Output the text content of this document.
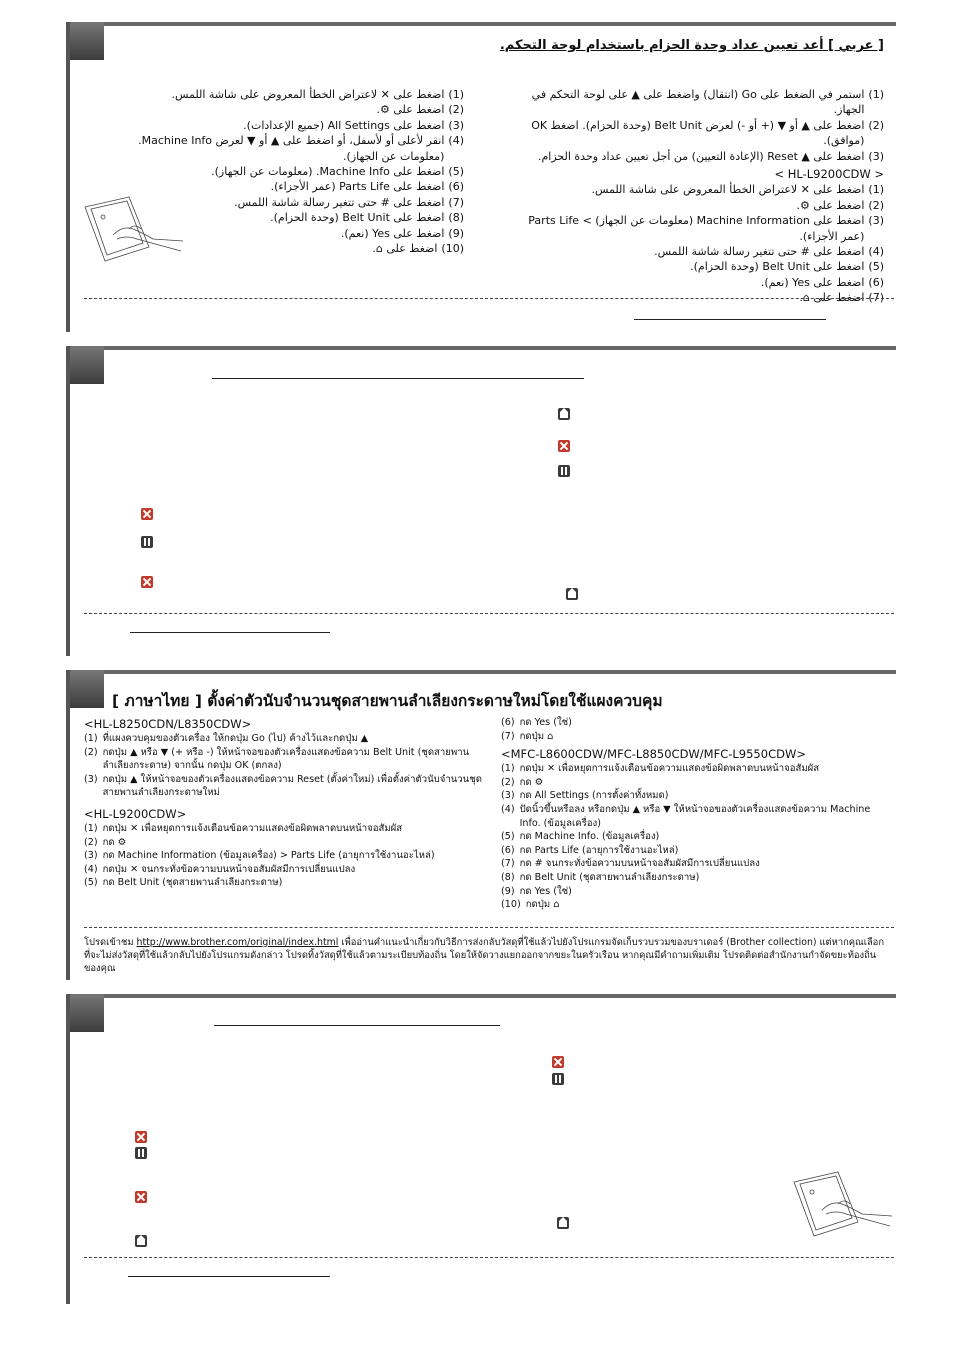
[ عربي ] أعد تعيين عداد وحدة الحزام باستخدام لوحة التحكم.
(1)
استمر في الضغط على Go (انتقال) واضغط على ▲ على لوحة التحكم في الجهاز.
(2)
اضغط على ▲ أو ▼ (+ أو -) لعرض Belt Unit (وحدة الحزام). اضغط OK (موافق).
(3)
اضغط على ▲ Reset (الإعادة التعيين) من أجل تعيين عداد وحدة الحزام.
< HL-L9200CDW >
(1)
اضغط على ✕ لاعتراض الخطأ المعروض على شاشة اللمس.
(2)
اضغط على ⚙.
(3)
اضغط على Machine Information (معلومات عن الجهاز) > Parts Life (عمر الأجزاء).
(4)
اضغط على # حتى تتغير رسالة شاشة اللمس.
(5)
اضغط على Belt Unit (وحدة الحزام).
(6)
اضغط على Yes (نعم).
(7)
اضغط على ⌂.
(1)
اضغط على ✕ لاعتراض الخطأ المعروض على شاشة اللمس.
(2)
اضغط على ⚙.
(3)
اضغط على All Settings (جميع الإعدادات).
(4)
انقر لأعلى أو لأسفل، أو اضغط على ▲ أو ▼ لعرض Machine Info. (معلومات عن الجهاز).
(5)
اضغط على Machine Info. (معلومات عن الجهاز).
(6)
اضغط على Parts Life (عمر الأجزاء).
(7)
اضغط على # حتى تتغير رسالة شاشة اللمس.
(8)
اضغط على Belt Unit (وحدة الحزام).
(9)
اضغط على Yes (نعم).
(10)
اضغط على ⌂.
[ ภาษาไทย ] ตั้งค่าตัวนับจำนวนชุดสายพานลำเลียงกระดาษใหม่โดยใช้แผงควบคุม
<HL-L8250CDN/L8350CDW>
(1) ที่แผงควบคุมของตัวเครื่อง ให้กดปุ่ม Go (ไป) ค้างไว้และกดปุ่ม ▲
(2) กดปุ่ม ▲ หรือ ▼ (+ หรือ -) ให้หน้าจอของตัวเครื่องแสดงข้อความ Belt Unit (ชุดสายพานลำเลียงกระดาษ) จากนั้น กดปุ่ม OK (ตกลง)
(3) กดปุ่ม ▲ ให้หน้าจอของตัวเครื่องแสดงข้อความ Reset (ตั้งค่าใหม่) เพื่อตั้งค่าตัวนับจำนวนชุดสายพานลำเลียงกระดาษใหม่
<HL-L9200CDW>
(1) กดปุ่ม ✕ เพื่อหยุดการแจ้งเตือนข้อความแสดงข้อผิดพลาดบนหน้าจอสัมผัส
(2) กด ⚙
(3) กด Machine Information (ข้อมูลเครื่อง) > Parts Life (อายุการใช้งานอะไหล่)
(4) กดปุ่ม ✕ จนกระทั่งข้อความบนหน้าจอสัมผัสมีการเปลี่ยนแปลง
(5) กด Belt Unit (ชุดสายพานลำเลียงกระดาษ)
(6) กด Yes (ใช่)
(7) กดปุ่ม ⌂
<MFC-L8600CDW/MFC-L8850CDW/MFC-L9550CDW>
(1) กดปุ่ม ✕ เพื่อหยุดการแจ้งเตือนข้อความแสดงข้อผิดพลาดบนหน้าจอสัมผัส
(2) กด ⚙
(3) กด All Settings (การตั้งค่าทั้งหมด)
(4) ปัดนิ้วขึ้นหรือลง หรือกดปุ่ม ▲ หรือ ▼ ให้หน้าจอของตัวเครื่องแสดงข้อความ Machine Info. (ข้อมูลเครื่อง)
(5) กด Machine Info. (ข้อมูลเครื่อง)
(6) กด Parts Life (อายุการใช้งานอะไหล่)
(7) กด # จนกระทั่งข้อความบนหน้าจอสัมผัสมีการเปลี่ยนแปลง
(8) กด Belt Unit (ชุดสายพานลำเลียงกระดาษ)
(9) กด Yes (ใช่)
(10) กดปุ่ม ⌂
โปรดเข้าชม http://www.brother.com/original/index.html เพื่ออ่านคำแนะนำเกี่ยวกับวิธีการส่งกลับวัสดุที่ใช้แล้วไปยังโปรแกรมจัดเก็บรวบรวมของบราเดอร์ (Brother collection) แต่หากคุณเลือกที่จะไม่ส่งวัสดุที่ใช้แล้วกลับไปยังโปรแกรมดังกล่าว โปรดทิ้งวัสดุที่ใช้แล้วตามระเบียบท้องถิ่น โดยให้จัดวางแยกออกจากขยะในครัวเรือน หากคุณมีคำถามเพิ่มเติม โปรดติดต่อสำนักงานกำจัดขยะท้องถิ่นของคุณ
